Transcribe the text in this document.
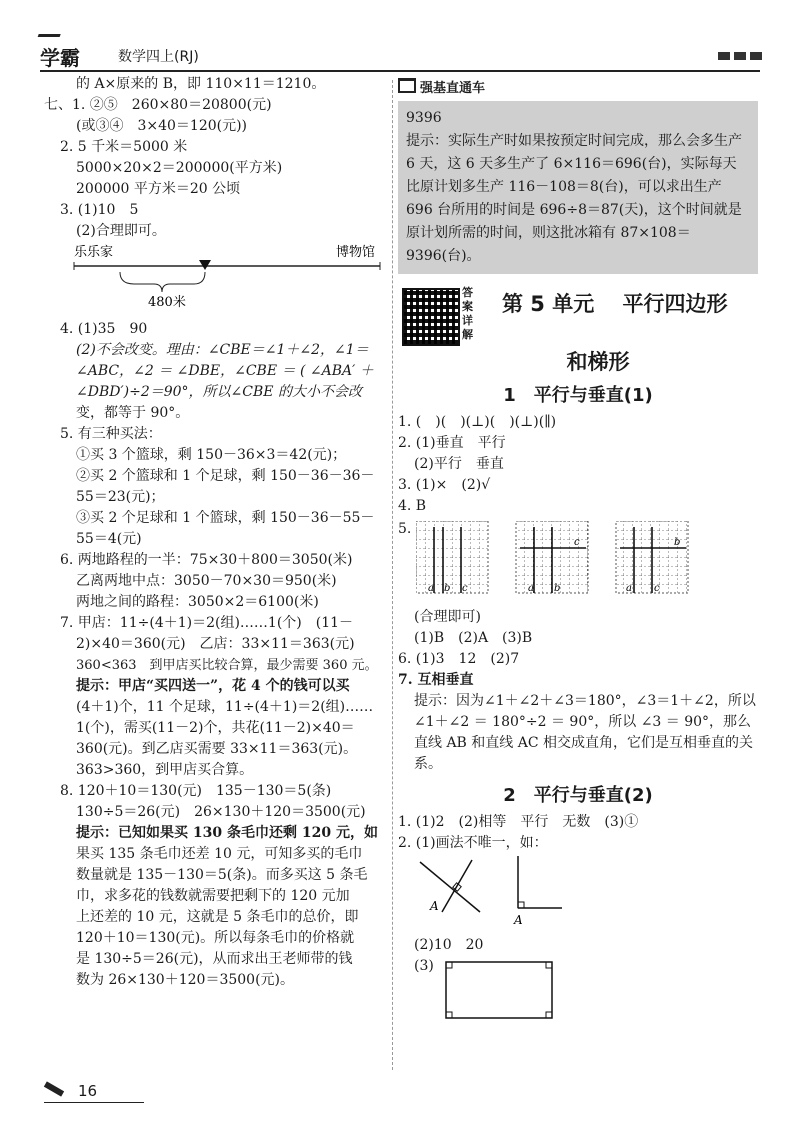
学霸	数学四上(RJ)
的 A×原来的 B，即 110×11＝1210。
七、1. ②⑤　260×80＝20800(元)
(或③④　3×40＝120(元))
2. 5 千米＝5000 米
5000×20×2＝200000(平方米)
200000 平方米＝20 公顷
3. (1)10　5
(2)合理即可。
乐乐家	博物馆
480米
4. (1)35　90
(2)不会改变。理由：∠CBE＝∠1＋∠2，∠1＝
∠ABC，∠2 ＝ ∠DBE，∠CBE ＝ ( ∠ABA′ ＋
∠DBD′)÷2＝90°，所以∠CBE 的大小不会改
变，都等于 90°。
5. 有三种买法：
①买 3 个篮球，剩 150－36×3＝42(元)；
②买 2 个篮球和 1 个足球，剩 150－36－36－
55＝23(元)；
③买 2 个足球和 1 个篮球，剩 150－36－55－
55＝4(元)
6. 两地路程的一半：75×30＋800＝3050(米)
乙离两地中点：3050－70×30＝950(米)
两地之间的路程：3050×2＝6100(米)
7. 甲店：11÷(4＋1)＝2(组)……1(个)　(11－
2)×40＝360(元)　乙店：33×11＝363(元)
360<363　到甲店买比较合算，最少需要 360 元。
提示：甲店“买四送一”，花 4 个的钱可以买
(4＋1)个，11 个足球，11÷(4＋1)＝2(组)……
1(个)，需买(11－2)个，共花(11－2)×40＝
360(元)。到乙店买需要 33×11＝363(元)。
363>360，到甲店买合算。
8. 120＋10＝130(元)　135－130＝5(条)
130÷5＝26(元)　26×130＋120＝3500(元)
提示：已知如果买 130 条毛巾还剩 120 元，如
果买 135 条毛巾还差 10 元，可知多买的毛巾
数量就是 135－130＝5(条)。而多买这 5 条毛
巾，求多花的钱数就需要把剩下的 120 元加
上还差的 10 元，这就是 5 条毛巾的总价，即
120＋10＝130(元)。所以每条毛巾的价格就
是 130÷5＝26(元)，从而求出王老师带的钱
数为 26×130＋120＝3500(元)。
强基直通车
9396
提示：实际生产时如果按预定时间完成，那么会多生产 6 天，这 6 天多生产了 6×116＝696(台)，实际每天比原计划多生产 116－108＝8(台)，可以求出生产 696 台所用的时间是 696÷8＝87(天)，这个时间就是原计划所需的时间，则这批冰箱有 87×108＝9396(台)。
答案详解
第 5 单元　 平行四边形
和梯形
1　平行与垂直(1)
1. (　)(　)(⊥)(　)(⊥)(∥)
2. (1)垂直　平行
(2)平行　垂直
3. (1)×　(2)√
4. B
5.
a b c	a b
c
a c
b
(合理即可)
(1)B　(2)A　(3)B
6. (1)3　12　(2)7
7. 互相垂直
提示：因为∠1＋∠2＋∠3＝180°，∠3＝1＋∠2，所以∠1＋∠2 ＝ 180°÷2 ＝ 90°，所以 ∠3 ＝ 90°，那么直线 AB 和直线 AC 相交成直角，它们是互相垂直的关系。
2　平行与垂直(2)
1. (1)2　(2)相等　平行　无数　(3)①
2. (1)画法不唯一，如：
A
A
(2)10　20
(3)
16
